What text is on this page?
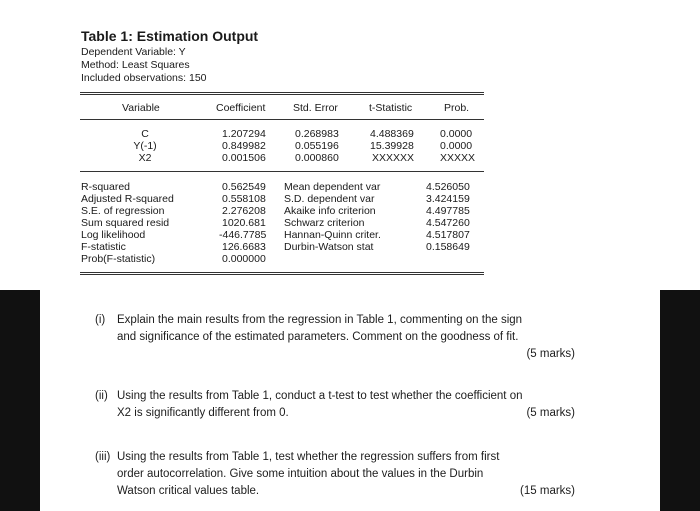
Table 1: Estimation Output
Dependent Variable: Y
Method: Least Squares
Included observations: 150
Variable	Coefficient	Std. Error	t-Statistic	Prob.
C	1.207294	0.268983	4.488369 0.0000
Y(-1)	0.849982	0.055196	15.39928 0.0000
X2	0.001506	0.000860	XXXXXX XXXXX
R-squared	0.562549 Mean dependent var	4.526050
Adjusted R-squared	0.558108 S.D. dependent var	3.424159
S.E. of regression	2.276208 Akaike info criterion	4.497785
Sum squared resid	1020.681 Schwarz criterion	4.547260
Log likelihood	-446.7785 Hannan-Quinn criter.	4.517807
F-statistic	126.6683 Durbin-Watson stat	0.158649
Prob(F-statistic)	0.000000
(i) Explain the main results from the regression in Table 1, commenting on the sign
and significance of the estimated parameters. Comment on the goodness of fit.
(5 marks)
(ii) Using the results from Table 1, conduct a t-test to test whether the coefficient on
X2 is significantly different from 0.	(5 marks)
(iii) Using the results from Table 1, test whether the regression suffers from first
order autocorrelation. Give some intuition about the values in the Durbin
Watson critical values table.	(15 marks)
